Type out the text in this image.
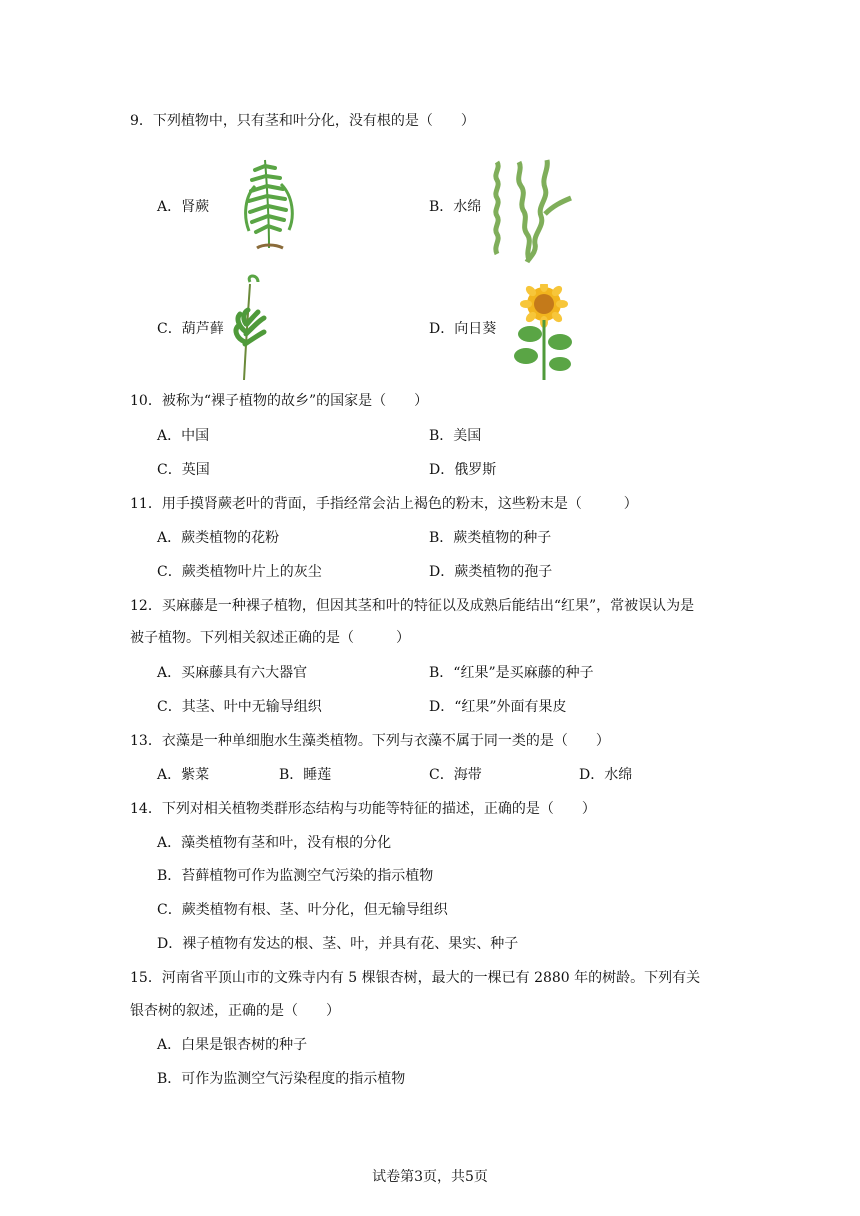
9．下列植物中，只有茎和叶分化，没有根的是（　　）
A．肾蕨	B．水绵
C．葫芦藓	D．向日葵
10．被称为“裸子植物的故乡”的国家是（　　）
A．中国	B．美国
C．英国	D．俄罗斯
11．用手摸肾蕨老叶的背面，手指经常会沾上褐色的粉末，这些粉末是（　　　）
A．蕨类植物的花粉	B．蕨类植物的种子
C．蕨类植物叶片上的灰尘	D．蕨类植物的孢子
12．买麻藤是一种裸子植物，但因其茎和叶的特征以及成熟后能结出“红果”，常被误认为是
被子植物。下列相关叙述正确的是（　　　）
A．买麻藤具有六大器官	B．“红果”是买麻藤的种子
C．其茎、叶中无输导组织	D．“红果”外面有果皮
13．衣藻是一种单细胞水生藻类植物。下列与衣藻不属于同一类的是（　　）
A．紫菜	B．睡莲	C．海带	D．水绵
14．下列对相关植物类群形态结构与功能等特征的描述，正确的是（　　）
A．藻类植物有茎和叶，没有根的分化
B．苔藓植物可作为监测空气污染的指示植物
C．蕨类植物有根、茎、叶分化，但无输导组织
D．裸子植物有发达的根、茎、叶，并具有花、果实、种子
15．河南省平顶山市的文殊寺内有 5 棵银杏树，最大的一棵已有 2880 年的树龄。下列有关
银杏树的叙述，正确的是（　　）
A．白果是银杏树的种子
B．可作为监测空气污染程度的指示植物
试卷第3页，共5页
